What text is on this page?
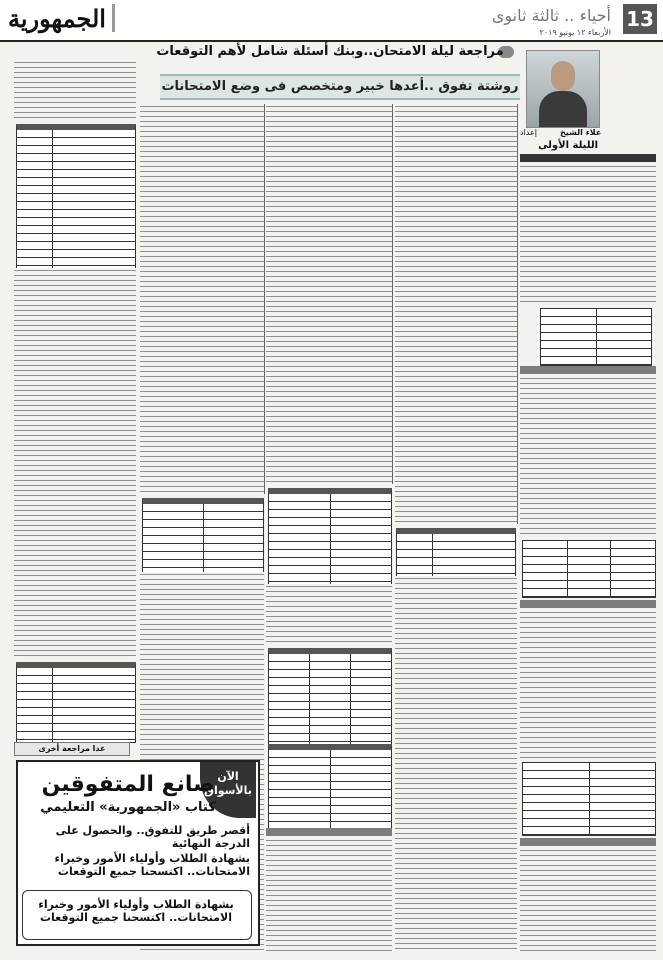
13
أحياء .. ثالثة ثانوى
الأربعاء ١٢ يونيو ٢٠١٩
الجمهورية
مراجعة ليلة الامتحان..وبنك أسئلة شامل لأهم التوقعات
روشتة تفوق ..أعدها خبير ومتخصص فى وضع الامتحانات
إعداد	علاء الشيخ
الليلة الأولى
غدا مراجعة أخرى
الآن بالأسواق
صانع المتفوقين
كتاب «الجمهورية» التعليمي
أقصر طريق للتفوق.. والحصول على الدرجة النهائية
بشهادة الطلاب وأولياء الأمور وخبراء الامتحانات.. اكتسحنا جميع التوقعات
بشهادة الطلاب وأولياء الأمور وخبراء الامتحانات.. اكتسحنا جميع التوقعات
